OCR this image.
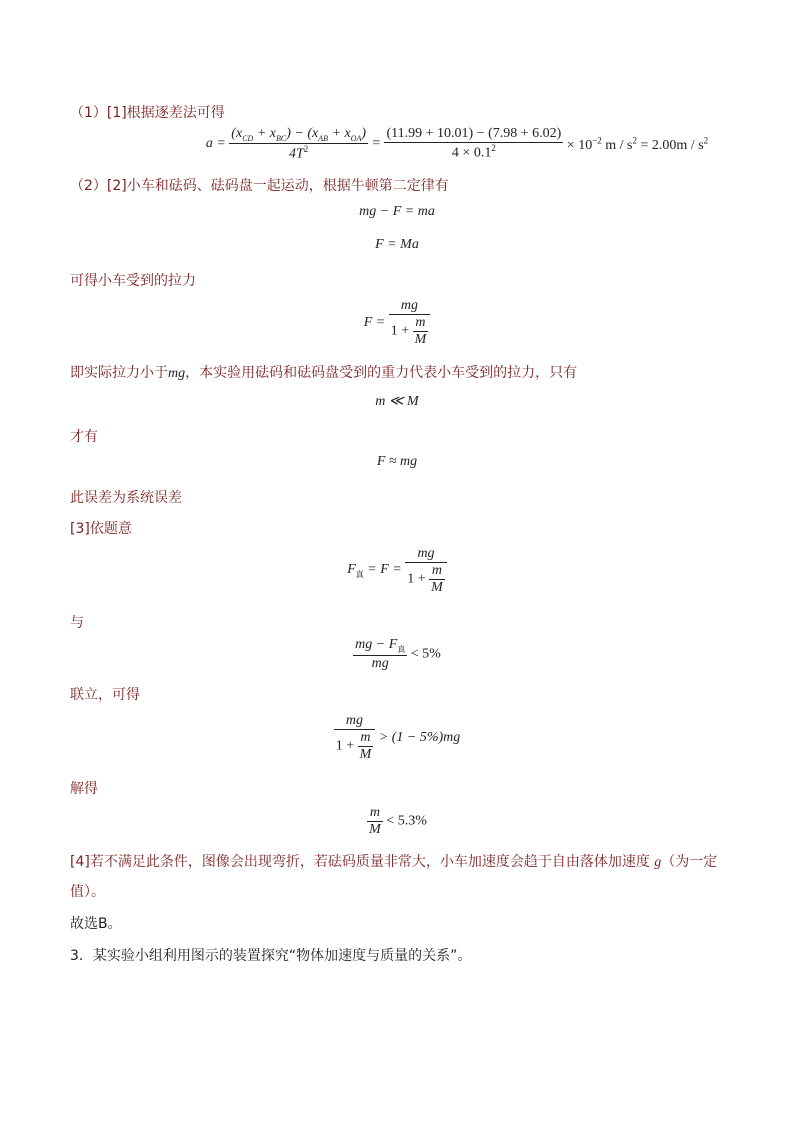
（1）[1]根据逐差法可得
$a = \frac{(x_{CD} + x_{BC}) - (x_{AB} + x_{OA})}{4T^2} = \frac{(11.99 + 10.01) - (7.98 + 6.02)}{4 \times 0.1^2} \times 10^{-2}$ $m / s^2 = 2.00m / s^2$
（2）[2]小车和砝码、砝码盘一起运动，根据牛顿第二定律有
mg − F = ma
F = Ma
可得小车受到的拉力
$F = \frac{mg}{1 + \frac{m}{M}}$
即实际拉力小于mg，本实验用砝码和砝码盘受到的重力代表小车受到的拉力，只有
m ≪ M
才有
F ≈ mg
此误差为系统误差
[3]依题意
$F_真 = F = \frac{mg}{1 + \frac{m}{M}}$
与
$\frac{mg - F_真}{mg} < 5\%$
联立，可得
$\frac{mg}{1 + \frac{m}{M}} > (1 - 5\%)mg$
解得
$\frac{m}{M} < 5.3\%$
[4]若不满足此条件，图像会出现弯折，若砝码质量非常大，小车加速度会趋于自由落体加速度 g（为一定
值）。
故选B。
3．某实验小组利用图示的装置探究“物体加速度与质量的关系”。
